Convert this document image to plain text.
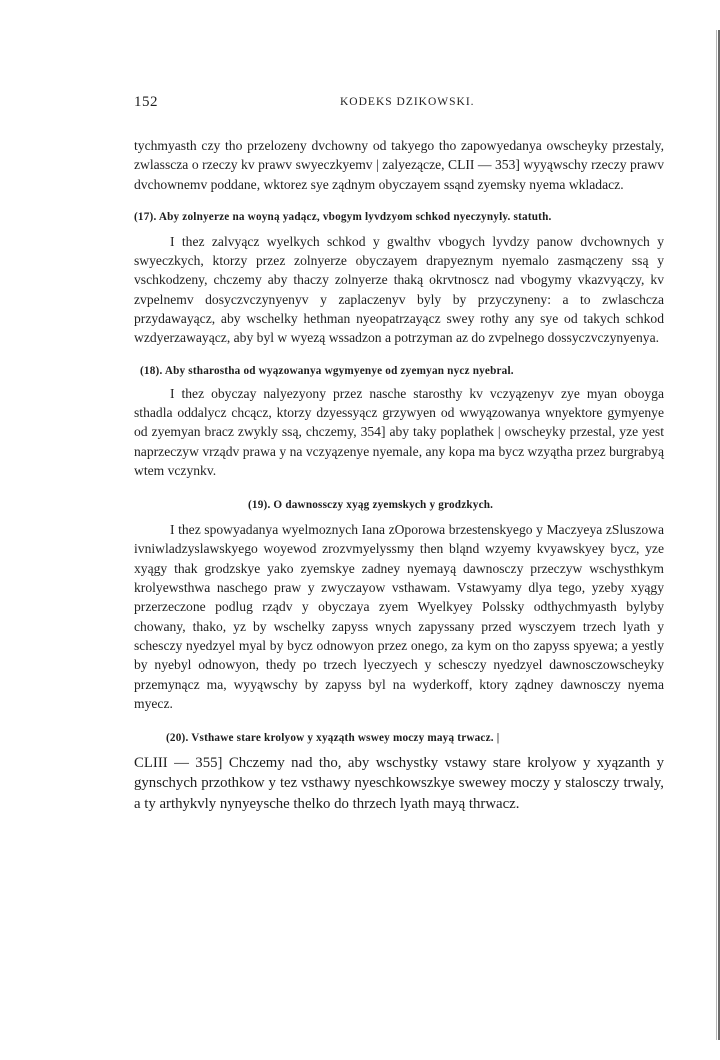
152	KODEKS DZIKOWSKI.

tychmyasth czy tho przelozeny dvchowny od takyego tho zapowyedanya owscheyky przestaly, zwlasscza o rzeczy kv prawv swyeczkyemv | zalyezącze, CLII — 353] wyyąwschy rzeczy prawv dvchownemv poddane, wktorez sye ządnym obyczayem ssąnd zyemsky nyema wkladacz.

(17). Aby zolnyerze na woyną yadącz, vbogym lyvdzyom schkod nyeczynyly. statuth.

I thez zalvyącz wyelkych schkod y gwalthv vbogych lyvdzy panow dvchownych y swyeczkych, ktorzy przez zolnyerze obyczayem drapyeznym nyemalo zasmączeny ssą y vschkodzeny, chczemy aby thaczy zolnyerze thaką okrvtnoscz nad vbogymy vkazvyączy, kv zvpelnemv dosyczvczynyenyv y zaplaczenyv byly by przyczyneny: a to zwlaschcza przydawayącz, aby wschelky hethman nyeopatrzayącz swey rothy any sye od takych schkod wzdyerzawayącz, aby byl w wyezą wssadzon a potrzyman az do zvpelnego dossyczvczynyenya.

(18). Aby stharostha od wyązowanya wgymyenye od zyemyan nycz nyebral.

I thez obyczay nalyezyony przez nasche starosthy kv vczyązenyv zye myan oboyga sthadla oddalycz chcącz, ktorzy dzyessyącz grzywyen od wwyązowanya wnyektore gymyenye od zyemyan bracz zwykly ssą, chczemy, 354] aby taky poplathek | owscheyky przestal, yze yest naprzeczyw vrządv prawa y na vczyązenye nyemale, any kopa ma bycz wzyątha przez burgrabyą wtem vczynkv.

(19). O dawnossczy xyąg zyemskych y grodzkych.

I thez spowyadanya wyelmoznych Iana zOporowa brzestenskyego y Maczyeya zSluszowa ivniwladzyslawskyego woyewod zrozvmyelyssmy then bląnd wzyemy kvyawskyey bycz, yze xyągy thak grodzskye yako zyemskye zadney nyemayą dawnosczy przeczyw wschysthkym krolyewsthwa naschego praw y zwyczayow vsthawam. Vstawyamy dlya tego, yzeby xyągy przerzeczone podlug rządv y obyczaya zyem Wyelkyey Polssky odthychmyasth bylyby chowany, thako, yz by wschelky zapyss wnych zapyssany przed wysczyem trzech lyath y schesczy nyedzyel myal by bycz odnowyon przez onego, za kym on tho zapyss spyewa; a yestly by nyebyl odnowyon, thedy po trzech lyeczyech y schesczy nyedzyel dawnosczowscheyky przemynącz ma, wyyąwschy by zapyss byl na wyderkoff, ktory ządney dawnosczy nyema myecz.

(20). Vsthawe stare krolyow y xyąząth wswey moczy mayą trwacz. |

CLIII — 355] Chczemy nad tho, aby wschystky vstawy stare krolyow y xyązanth y gynschych przothkow y tez vsthawy nyeschkowszkye swewey moczy y stalosczy trwaly, a ty arthykvly nynyeysche thelko do thrzech lyath mayą thrwacz.
